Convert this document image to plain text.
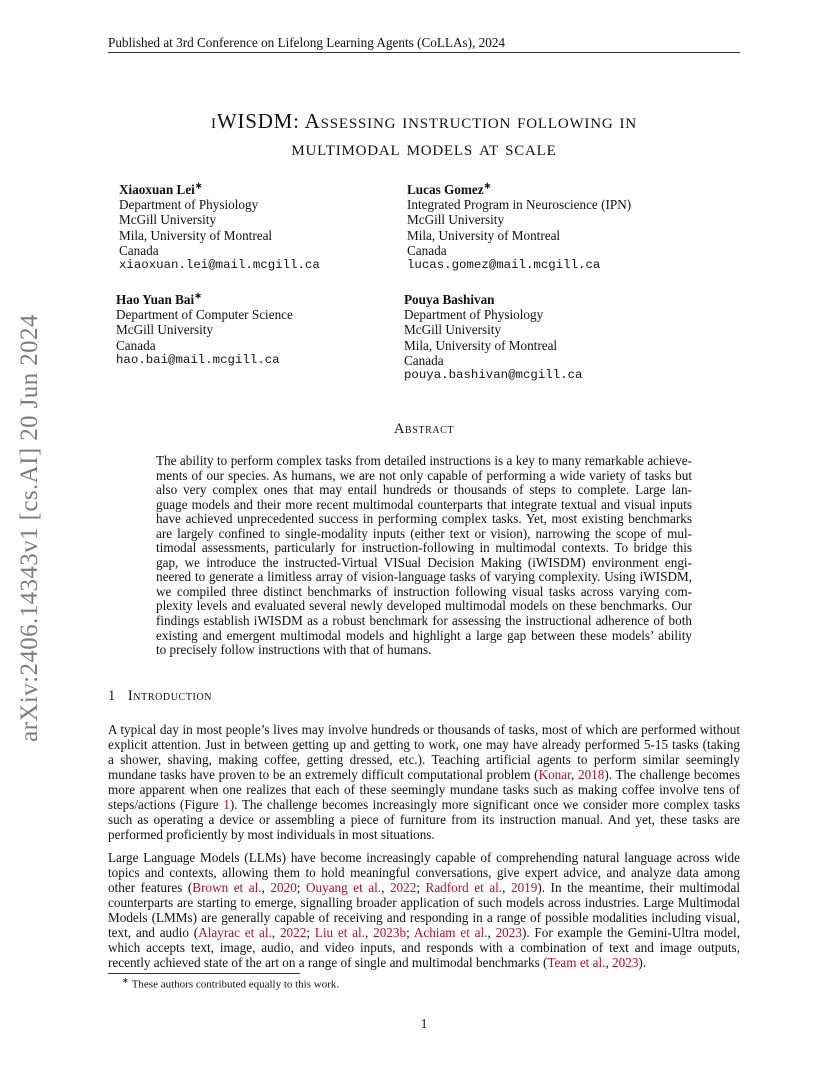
Published at 3rd Conference on Lifelong Learning Agents (CoLLAs), 2024
arXiv:2406.14343v1 [cs.AI] 20 Jun 2024
iWISDM: Assessing instruction following in
multimodal models at scale
Xiaoxuan Lei∗
Department of Physiology
McGill University
Mila, University of Montreal
Canada
xiaoxuan.lei@mail.mcgill.ca
Lucas Gomez∗
Integrated Program in Neuroscience (IPN)
McGill University
Mila, University of Montreal
Canada
lucas.gomez@mail.mcgill.ca
Hao Yuan Bai∗
Department of Computer Science
McGill University
Canada
hao.bai@mail.mcgill.ca
Pouya Bashivan
Department of Physiology
McGill University
Mila, University of Montreal
Canada
pouya.bashivan@mcgill.ca
Abstract
The ability to perform complex tasks from detailed instructions is a key to many remarkable achieve-
ments of our species. As humans, we are not only capable of performing a wide variety of tasks but
also very complex ones that may entail hundreds or thousands of steps to complete. Large lan-
guage models and their more recent multimodal counterparts that integrate textual and visual inputs
have achieved unprecedented success in performing complex tasks. Yet, most existing benchmarks
are largely confined to single-modality inputs (either text or vision), narrowing the scope of mul-
timodal assessments, particularly for instruction-following in multimodal contexts. To bridge this
gap, we introduce the instructed-Virtual VISual Decision Making (iWISDM) environment engi-
neered to generate a limitless array of vision-language tasks of varying complexity. Using iWISDM,
we compiled three distinct benchmarks of instruction following visual tasks across varying com-
plexity levels and evaluated several newly developed multimodal models on these benchmarks. Our
findings establish iWISDM as a robust benchmark for assessing the instructional adherence of both
existing and emergent multimodal models and highlight a large gap between these models’ ability
to precisely follow instructions with that of humans.
1 Introduction
A typical day in most people’s lives may involve hundreds or thousands of tasks, most of which are performed without
explicit attention. Just in between getting up and getting to work, one may have already performed 5-15 tasks (taking
a shower, shaving, making coffee, getting dressed, etc.). Teaching artificial agents to perform similar seemingly
mundane tasks have proven to be an extremely difficult computational problem (Konar, 2018). The challenge becomes
more apparent when one realizes that each of these seemingly mundane tasks such as making coffee involve tens of
steps/actions (Figure 1). The challenge becomes increasingly more significant once we consider more complex tasks
such as operating a device or assembling a piece of furniture from its instruction manual. And yet, these tasks are
performed proficiently by most individuals in most situations.
Large Language Models (LLMs) have become increasingly capable of comprehending natural language across wide
topics and contexts, allowing them to hold meaningful conversations, give expert advice, and analyze data among
other features (Brown et al., 2020; Ouyang et al., 2022; Radford et al., 2019). In the meantime, their multimodal
counterparts are starting to emerge, signalling broader application of such models across industries. Large Multimodal
Models (LMMs) are generally capable of receiving and responding in a range of possible modalities including visual,
text, and audio (Alayrac et al., 2022; Liu et al., 2023b; Achiam et al., 2023). For example the Gemini-Ultra model,
which accepts text, image, audio, and video inputs, and responds with a combination of text and image outputs,
recently achieved state of the art on a range of single and multimodal benchmarks (Team et al., 2023).
∗ These authors contributed equally to this work.
1
